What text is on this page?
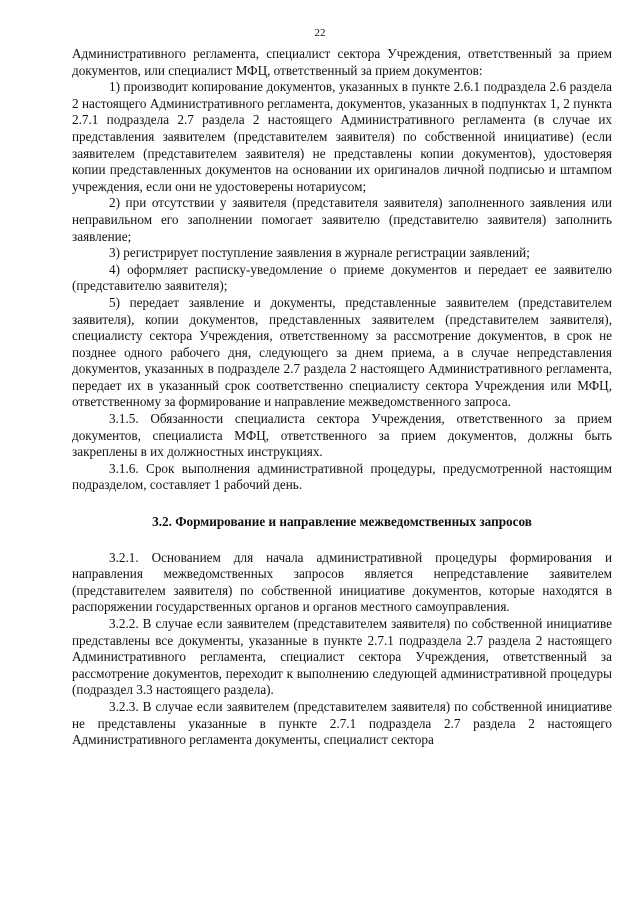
22

Административного регламента, специалист сектора Учреждения, ответственный за прием документов, или специалист МФЦ, ответственный за прием документов:

1) производит копирование документов, указанных в пункте 2.6.1 подраздела 2.6 раздела 2 настоящего Административного регламента, документов, указанных в подпунктах 1, 2 пункта 2.7.1 подраздела 2.7 раздела 2 настоящего Административного регламента (в случае их представления заявителем (представителем заявителя) по собственной инициативе) (если заявителем (представителем заявителя) не представлены копии документов), удостоверяя копии представленных документов на основании их оригиналов личной подписью и штампом учреждения, если они не удостоверены нотариусом;

2) при отсутствии у заявителя (представителя заявителя) заполненного заявления или неправильном его заполнении помогает заявителю (представителю заявителя) заполнить заявление;

3) регистрирует поступление заявления в журнале регистрации заявлений;

4) оформляет расписку-уведомление о приеме документов и передает ее заявителю (представителю заявителя);

5) передает заявление и документы, представленные заявителем (представителем заявителя), копии документов, представленных заявителем (представителем заявителя), специалисту сектора Учреждения, ответственному за рассмотрение документов, в срок не позднее одного рабочего дня, следующего за днем приема, а в случае непредставления документов, указанных в подразделе 2.7 раздела 2 настоящего Административного регламента, передает их в указанный срок соответственно специалисту сектора Учреждения или МФЦ, ответственному за формирование и направление межведомственного запроса.

3.1.5. Обязанности специалиста сектора Учреждения, ответственного за прием документов, специалиста МФЦ, ответственного за прием документов, должны быть закреплены в их должностных инструкциях.

3.1.6. Срок выполнения административной процедуры, предусмотренной настоящим подразделом, составляет 1 рабочий день.

3.2. Формирование и направление межведомственных запросов

3.2.1. Основанием для начала административной процедуры формирования и направления межведомственных запросов является непредставление заявителем (представителем заявителя) по собственной инициативе документов, которые находятся в распоряжении государственных органов и органов местного самоуправления.

3.2.2. В случае если заявителем (представителем заявителя) по собственной инициативе представлены все документы, указанные в пункте 2.7.1 подраздела 2.7 раздела 2 настоящего Административного регламента, специалист сектора Учреждения, ответственный за рассмотрение документов, переходит к выполнению следующей административной процедуры (подраздел 3.3 настоящего раздела).

3.2.3. В случае если заявителем (представителем заявителя) по собственной инициативе не представлены указанные в пункте 2.7.1 подраздела 2.7 раздела 2 настоящего Административного регламента документы, специалист сектора
